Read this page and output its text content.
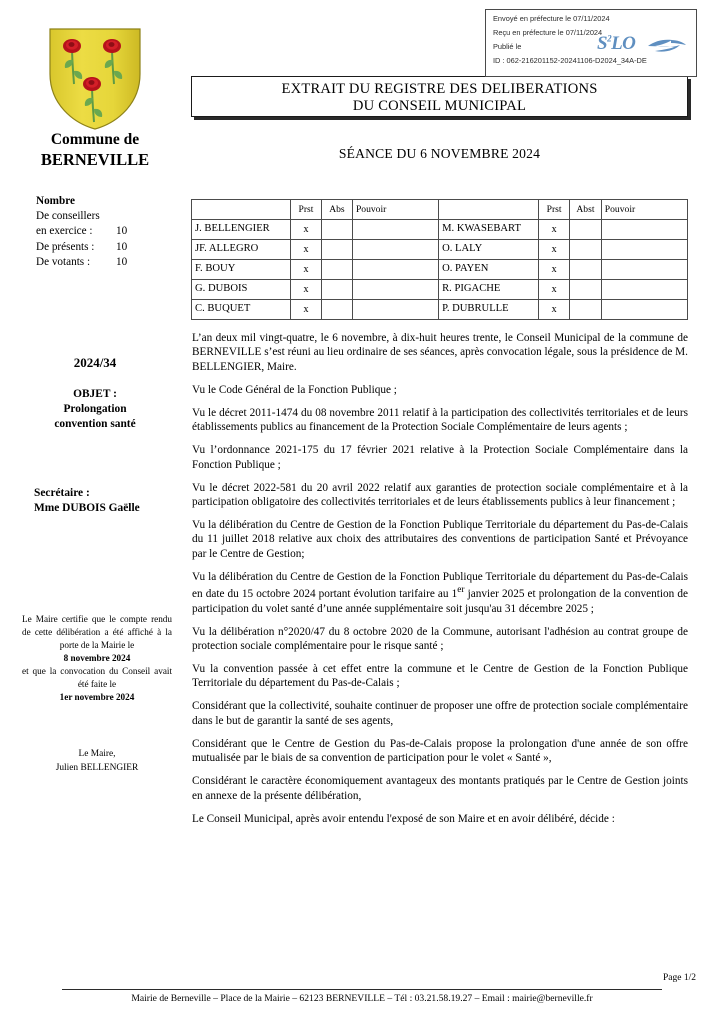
Envoyé en préfecture le 07/11/2024
Reçu en préfecture le 07/11/2024
Publié le
ID : 062-216201152-20241106-D2024_34A-DE
$S^2LO$
Commune de
BERNEVILLE
Nombre
De conseillers
en exercice :	10
De présents :	10
De votants :	10
2024/34
OBJET :
Prolongation
convention santé
Secrétaire :
Mme DUBOIS Gaëlle

Le Maire certifie que le compte rendu de cette délibération a été affiché à la porte de la Mairie le

8 novembre 2024

et que la convocation du Conseil avait été faite le

1er novembre 2024

Le Maire,
Julien BELLENGIER
EXTRAIT DU REGISTRE DES DELIBERATIONS
DU CONSEIL MUNICIPAL
SÉANCE DU 6 NOVEMBRE 2024
	Prst	Abs	Pouvoir		Prst	Abst	Pouvoir
J. BELLENGIER	x			M. KWASEBART	x		
JF. ALLEGRO	x			O. LALY	x		
F. BOUY	x			O. PAYEN	x		
G. DUBOIS	x			R. PIGACHE	x		
C. BUQUET	x			P. DUBRULLE	x		

L’an deux mil vingt-quatre, le 6 novembre, à dix-huit heures trente, le Conseil Municipal de la commune de BERNEVILLE s’est réuni au lieu ordinaire de ses séances, après convocation légale, sous la présidence de M. BELLENGIER, Maire.

Vu le Code Général de la Fonction Publique ;

Vu le décret 2011-1474 du 08 novembre 2011 relatif à la participation des collectivités territoriales et de leurs établissements publics au financement de la Protection Sociale Complémentaire de leurs agents ;

Vu l’ordonnance 2021-175 du 17 février 2021 relative à la Protection Sociale Complémentaire dans la Fonction Publique ;

Vu le décret 2022-581 du 20 avril 2022 relatif aux garanties de protection sociale complémentaire et à la participation obligatoire des collectivités territoriales et de leurs établissements publics à leur financement ;

Vu la délibération du Centre de Gestion de la Fonction Publique Territoriale du département du Pas-de-Calais du 11 juillet 2018 relative aux choix des attributaires des conventions de participation Santé et Prévoyance par le Centre de Gestion;

Vu la délibération du Centre de Gestion de la Fonction Publique Territoriale du département du Pas-de-Calais en date du 15 octobre 2024 portant évolution tarifaire au 1er janvier 2025 et prolongation de la convention de participation du volet santé d’une année supplémentaire soit jusqu'au 31 décembre 2025 ;

Vu la délibération n°2020/47 du 8 octobre 2020 de la Commune, autorisant l'adhésion au contrat groupe de protection sociale complémentaire pour le risque santé ;

Vu la convention passée à cet effet entre la commune et le Centre de Gestion de la Fonction Publique Territoriale du département du Pas-de-Calais ;

Considérant que la collectivité, souhaite continuer de proposer une offre de protection sociale complémentaire dans le but de garantir la santé de ses agents,

Considérant que le Centre de Gestion du Pas-de-Calais propose la prolongation d'une année de son offre mutualisée par le biais de sa convention de participation pour le volet « Santé »,

Considérant le caractère économiquement avantageux des montants pratiqués par le Centre de Gestion joints en annexe de la présente délibération,

Le Conseil Municipal, après avoir entendu l'exposé de son Maire et en avoir délibéré, décide :

Page 1/2
Mairie de Berneville – Place de la Mairie – 62123 BERNEVILLE – Tél : 03.21.58.19.27 – Email : mairie@berneville.fr
